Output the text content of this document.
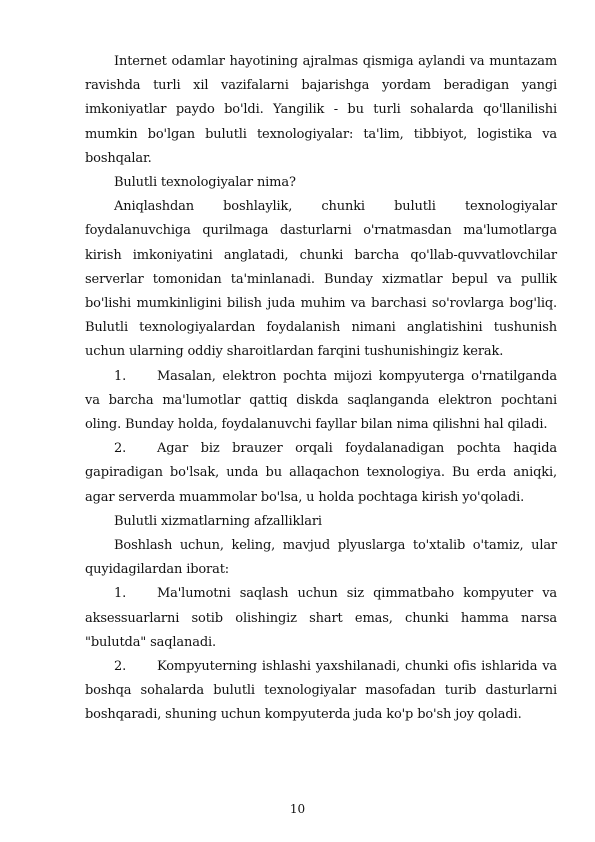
Internet odamlar hayotining ajralmas qismiga aylandi va muntazam ravishda turli xil vazifalarni bajarishga yordam beradigan yangi imkoniyatlar paydo bo'ldi. Yangilik - bu turli sohalarda qo'llanilishi mumkin bo'lgan bulutli texnologiyalar: ta'lim, tibbiyot, logistika va boshqalar.

Bulutli texnologiyalar nima?

Aniqlashdan boshlaylik, chunki bulutli texnologiyalar foydalanuvchiga qurilmaga dasturlarni o'rnatmasdan ma'lumotlarga kirish imkoniyatini anglatadi, chunki barcha qo'llab-quvvatlovchilar serverlar tomonidan ta'minlanadi. Bunday xizmatlar bepul va pullik bo'lishi mumkinligini bilish juda muhim va barchasi so'rovlarga bog'liq. Bulutli texnologiyalardan foydalanish nimani anglatishini tushunish uchun ularning oddiy sharoitlardan farqini tushunishingiz kerak.

1. Masalan, elektron pochta mijozi kompyuterga o'rnatilganda va barcha ma'lumotlar qattiq diskda saqlanganda elektron pochtani oling. Bunday holda, foydalanuvchi fayllar bilan nima qilishni hal qiladi.

2. Agar biz brauzer orqali foydalanadigan pochta haqida gapiradigan bo'lsak, unda bu allaqachon texnologiya. Bu erda aniqki, agar serverda muammolar bo'lsa, u holda pochtaga kirish yo'qoladi.

Bulutli xizmatlarning afzalliklari

Boshlash uchun, keling, mavjud plyuslarga to'xtalib o'tamiz, ular quyidagilardan iborat:

1. Ma'lumotni saqlash uchun siz qimmatbaho kompyuter va aksessuarlarni sotib olishingiz shart emas, chunki hamma narsa "bulutda" saqlanadi.

2. Kompyuterning ishlashi yaxshilanadi, chunki ofis ishlarida va boshqa sohalarda bulutli texnologiyalar masofadan turib dasturlarni boshqaradi, shuning uchun kompyuterda juda ko'p bo'sh joy qoladi.

10
